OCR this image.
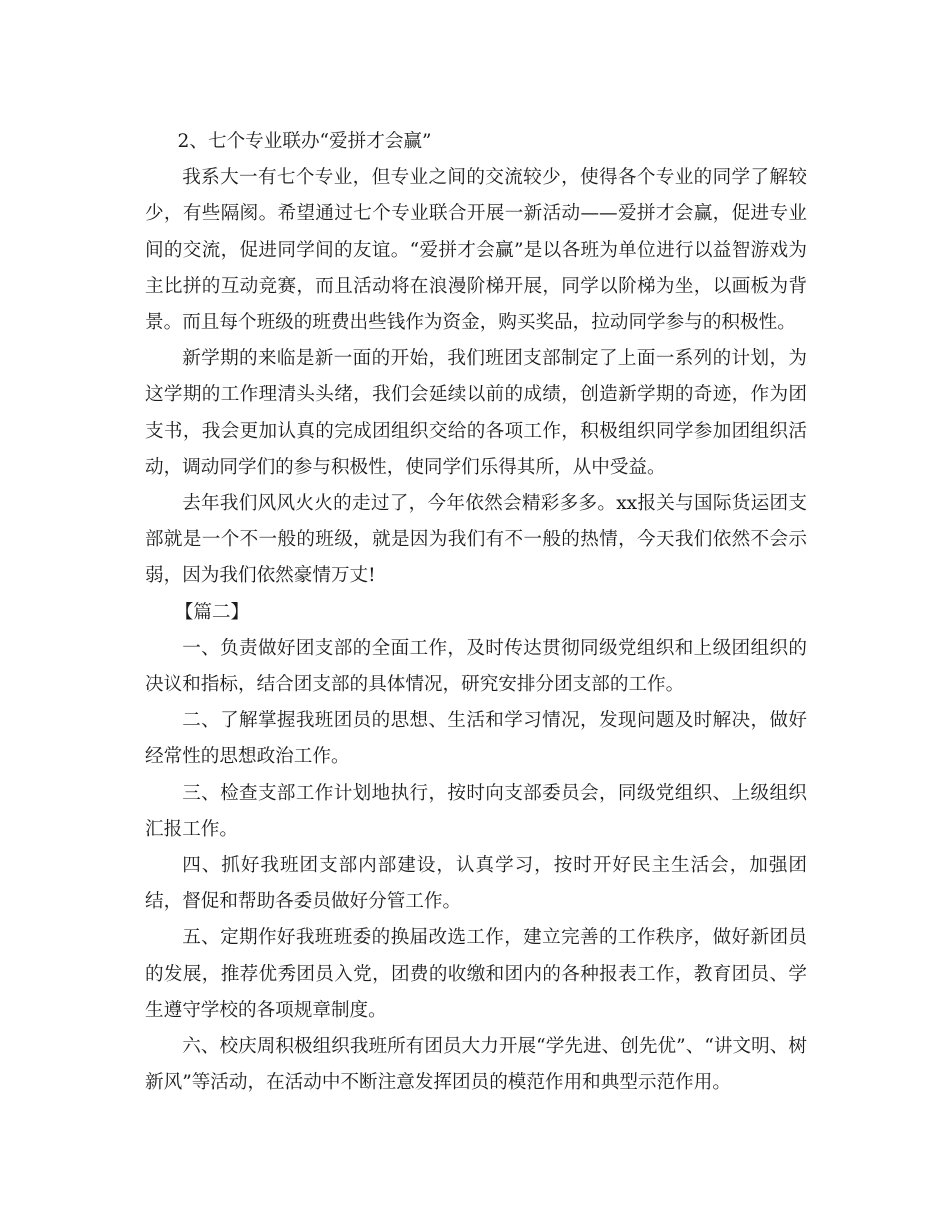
2、七个专业联办“爱拼才会赢”

我系大一有七个专业，但专业之间的交流较少，使得各个专业的同学了解较少，有些隔阂。希望通过七个专业联合开展一新活动——爱拼才会赢，促进专业间的交流，促进同学间的友谊。“爱拼才会赢”是以各班为单位进行以益智游戏为主比拼的互动竞赛，而且活动将在浪漫阶梯开展，同学以阶梯为坐，以画板为背景。而且每个班级的班费出些钱作为资金，购买奖品，拉动同学参与的积极性。

新学期的来临是新一面的开始，我们班团支部制定了上面一系列的计划，为这学期的工作理清头头绪，我们会延续以前的成绩，创造新学期的奇迹，作为团支书，我会更加认真的完成团组织交给的各项工作，积极组织同学参加团组织活动，调动同学们的参与积极性，使同学们乐得其所，从中受益。

去年我们风风火火的走过了，今年依然会精彩多多。xx报关与国际货运团支部就是一个不一般的班级，就是因为我们有不一般的热情，今天我们依然不会示弱，因为我们依然豪情万丈!

【篇二】

一、负责做好团支部的全面工作，及时传达贯彻同级党组织和上级团组织的决议和指标，结合团支部的具体情况，研究安排分团支部的工作。

二、了解掌握我班团员的思想、生活和学习情况，发现问题及时解决，做好经常性的思想政治工作。

三、检查支部工作计划地执行，按时向支部委员会，同级党组织、上级组织汇报工作。

四、抓好我班团支部内部建设，认真学习，按时开好民主生活会，加强团结，督促和帮助各委员做好分管工作。

五、定期作好我班班委的换届改选工作，建立完善的工作秩序，做好新团员的发展，推荐优秀团员入党，团费的收缴和团内的各种报表工作，教育团员、学生遵守学校的各项规章制度。

六、校庆周积极组织我班所有团员大力开展“学先进、创先优”、“讲文明、树新风”等活动，在活动中不断注意发挥团员的模范作用和典型示范作用。
